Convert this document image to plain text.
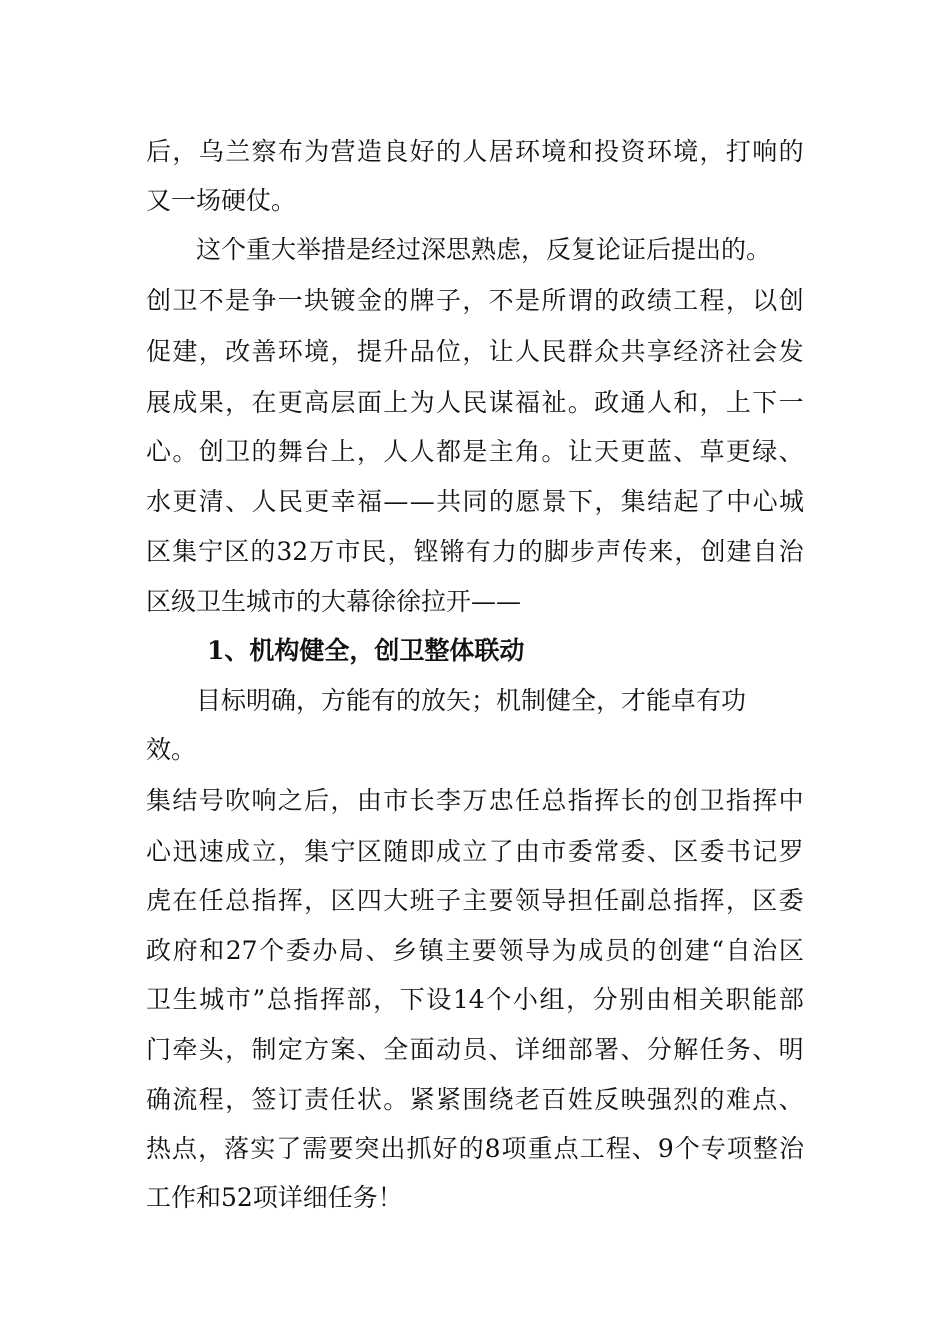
后 ， 乌 兰 察 布 为 营 造 良 好 的 人 居 环 境 和 投 资 环 境 ， 打 响 的
又一场硬仗。
这个重大举措是经过深思熟虑，反复论证后提出的。
创 卫 不 是 争 一 块 镀 金 的 牌 子 ， 不 是 所 谓 的 政 绩 工 程 ， 以 创
促 建 ， 改 善 环 境 ， 提 升 品 位 ， 让 人 民 群 众 共 享 经 济 社 会 发
展 成 果 ， 在 更 高 层 面 上 为 人 民 谋 福 祉 。 政 通 人 和 ， 上 下 一
心 。 创 卫 的 舞 台 上 ， 人 人 都 是 主 角 。 让 天 更 蓝 、 草 更 绿 、
水 更 清 、 人 民 更 幸 福 — — 共 同 的 愿 景 下 ， 集 结 起 了 中 心 城
区 集 宁 区 的 32 万 市 民 ， 铿 锵 有 力 的 脚 步 声 传 来 ， 创 建 自 治
区级卫生城市的大幕徐徐拉开——
1、机构健全，创卫整体联动
目标明确，方能有的放矢；机制健全，才能卓有功
效。
集 结 号 吹 响 之 后 ， 由 市 长 李 万 忠 任 总 指 挥 长 的 创 卫 指 挥 中
心 迅 速 成 立 ， 集 宁 区 随 即 成 立 了 由 市 委 常 委 、 区 委 书 记 罗
虎 在 任 总 指 挥 ， 区 四 大 班 子 主 要 领 导 担 任 副 总 指 挥 ， 区 委
政 府 和 27 个 委 办 局 、 乡 镇 主 要 领 导 为 成 员 的 创 建 “ 自 治 区
卫 生 城 市 ” 总 指 挥 部 ， 下 设 14 个 小 组 ， 分 别 由 相 关 职 能 部
门 牵 头 ， 制 定 方 案 、 全 面 动 员 、 详 细 部 署 、 分 解 任 务 、 明
确 流 程 ， 签 订 责 任 状 。 紧 紧 围 绕 老 百 姓 反 映 强 烈 的 难 点 、
热 点 ， 落 实 了 需 要 突 出 抓 好 的 8 项 重 点 工 程 、 9 个 专 项 整 治
工作和52项详细任务！
